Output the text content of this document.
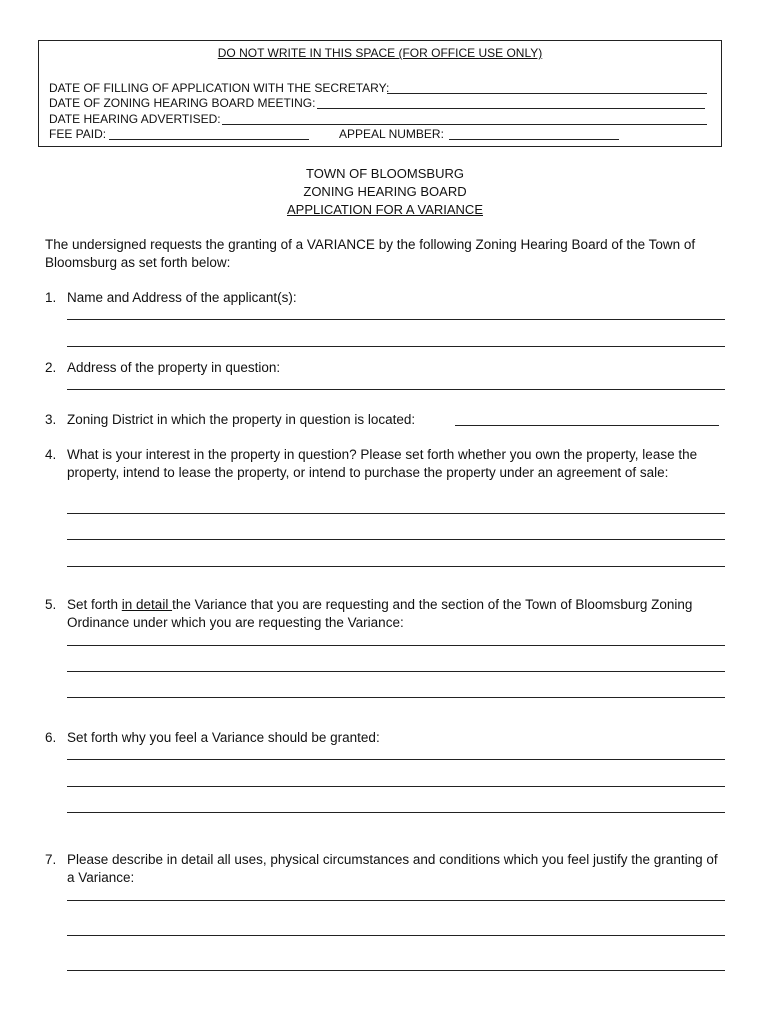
DO NOT WRITE IN THIS SPACE (FOR OFFICE USE ONLY)
DATE OF FILLING OF APPLICATION WITH THE SECRETARY:
DATE OF ZONING HEARING BOARD MEETING:
DATE HEARING ADVERTISED:
FEE PAID:	APPEAL NUMBER:
TOWN OF BLOOMSBURG
ZONING HEARING BOARD
APPLICATION FOR A VARIANCE
The undersigned requests the granting of a VARIANCE by the following Zoning Hearing Board of the Town of Bloomsburg as set forth below:
1. Name and Address of the applicant(s):
2. Address of the property in question:
3. Zoning District in which the property in question is located:
4. What is your interest in the property in question? Please set forth whether you own the property, lease the property, intend to lease the property, or intend to purchase the property under an agreement of sale:
5. Set forth in detail the Variance that you are requesting and the section of the Town of Bloomsburg Zoning Ordinance under which you are requesting the Variance:
6. Set forth why you feel a Variance should be granted:
7. Please describe in detail all uses, physical circumstances and conditions which you feel justify the granting of a Variance:
